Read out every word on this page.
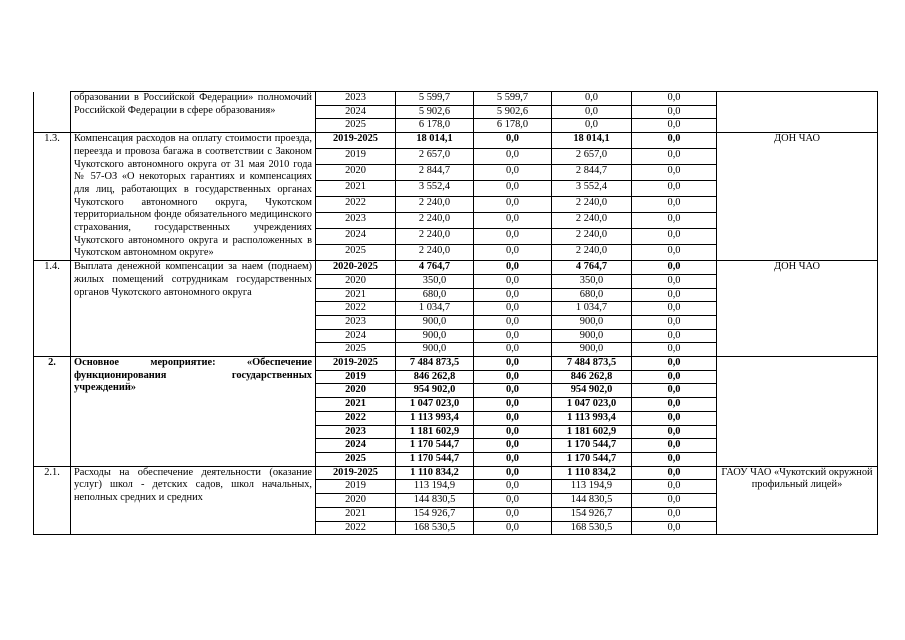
	образовании в Российской Федерации» полномочий Российской Федерации в сфере образования»	2023	5 599,7	5 599,7	0,0	0,0	
		2024	5 902,6	5 902,6	0,0	0,0	
		2025	6 178,0	6 178,0	0,0	0,0	
1.3.	Компенсация расходов на оплату стоимости проезда, переезда и провоза багажа в соответствии с Законом Чукотского автономного округа от 31 мая 2010 года № 57-ОЗ «О некоторых гарантиях и компенсациях для лиц, работающих в государственных органах Чукотского автономного округа, Чукотском территориальном фонде обязательного медицинского страхования, государственных учреждениях Чукотского автономного округа и расположенных в Чукотском автономном округе»	2019-2025	18 014,1	0,0	18 014,1	0,0	ДОН ЧАО
		2019	2 657,0	0,0	2 657,0	0,0	
		2020	2 844,7	0,0	2 844,7	0,0	
		2021	3 552,4	0,0	3 552,4	0,0	
		2022	2 240,0	0,0	2 240,0	0,0	
		2023	2 240,0	0,0	2 240,0	0,0	
		2024	2 240,0	0,0	2 240,0	0,0	
		2025	2 240,0	0,0	2 240,0	0,0	
1.4.	Выплата денежной компенсации за наем (поднаем) жилых помещений сотрудникам государственных органов Чукотского автономного округа	2020-2025	4 764,7	0,0	4 764,7	0,0	ДОН ЧАО
		2020	350,0	0,0	350,0	0,0	
		2021	680,0	0,0	680,0	0,0	
		2022	1 034,7	0,0	1 034,7	0,0	
		2023	900,0	0,0	900,0	0,0	
		2024	900,0	0,0	900,0	0,0	
		2025	900,0	0,0	900,0	0,0	
2.	Основное мероприятие: «Обеспечение функционирования государственных учреждений»	2019-2025	7 484 873,5	0,0	7 484 873,5	0,0	
		2019	846 262,8	0,0	846 262,8	0,0	
		2020	954 902,0	0,0	954 902,0	0,0	
		2021	1 047 023,0	0,0	1 047 023,0	0,0	
		2022	1 113 993,4	0,0	1 113 993,4	0,0	
		2023	1 181 602,9	0,0	1 181 602,9	0,0	
		2024	1 170 544,7	0,0	1 170 544,7	0,0	
		2025	1 170 544,7	0,0	1 170 544,7	0,0	
2.1.	Расходы на обеспечение деятельности (оказание услуг) школ - детских садов, школ начальных, неполных средних и средних	2019-2025	1 110 834,2	0,0	1 110 834,2	0,0	ГАОУ ЧАО «Чукотский окружной профильный лицей»
		2019	113 194,9	0,0	113 194,9	0,0	
		2020	144 830,5	0,0	144 830,5	0,0	
		2021	154 926,7	0,0	154 926,7	0,0	
		2022	168 530,5	0,0	168 530,5	0,0	
